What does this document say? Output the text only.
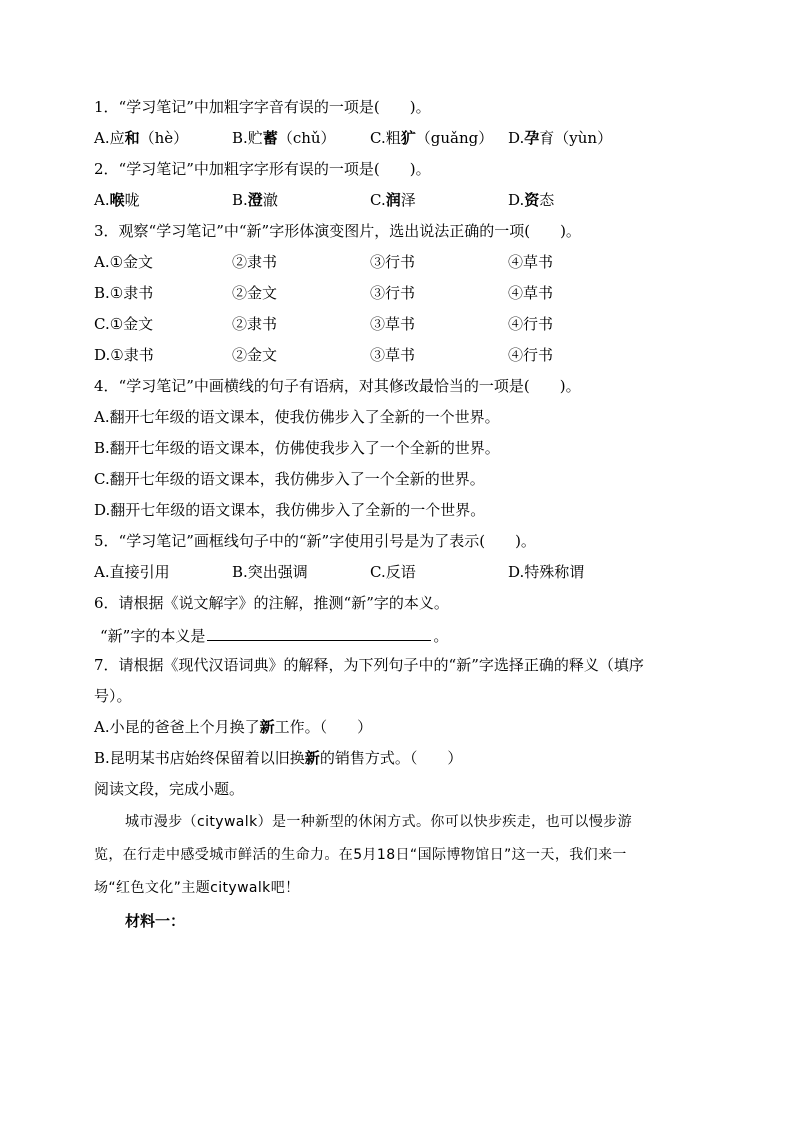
1．“学习笔记”中加粗字字音有误的一项是(　　)。
A.应和（hè）	B.贮蓄（chǔ） C.粗犷（guǎng） D.孕育（yùn）
2．“学习笔记”中加粗字字形有误的一项是(　　)。
A.喉咙	B.澄澈	C.润泽	D.资态
3．观察“学习笔记”中“新”字形体演变图片，选出说法正确的一项(　　)。
A.①金文	②隶书	③行书	④草书
B.①隶书	②金文	③行书	④草书
C.①金文	②隶书	③草书	④行书
D.①隶书	②金文	③草书	④行书
4．“学习笔记”中画横线的句子有语病，对其修改最恰当的一项是(　　)。
A.翻开七年级的语文课本，使我仿佛步入了全新的一个世界。
B.翻开七年级的语文课本，仿佛使我步入了一个全新的世界。
C.翻开七年级的语文课本，我仿佛步入了一个全新的世界。
D.翻开七年级的语文课本，我仿佛步入了全新的一个世界。
5．“学习笔记”画框线句子中的“新”字使用引号是为了表示(　　)。
A.直接引用	B.突出强调	C.反语	D.特殊称谓
6．请根据《说文解字》的注解，推测“新”字的本义。
“新”字的本义是	。
7．请根据《现代汉语词典》的解释，为下列句子中的“新”字选择正确的释义（填序
号）。
A.小昆的爸爸上个月换了新工作。（　　）
B.昆明某书店始终保留着以旧换新的销售方式。（　　）
阅读文段，完成小题。
城市漫步（citywalk）是一种新型的休闲方式。你可以快步疾走，也可以慢步游
览，在行走中感受城市鲜活的生命力。在5月18日“国际博物馆日”这一天，我们来一
场“红色文化”主题citywalk吧！
材料一：
